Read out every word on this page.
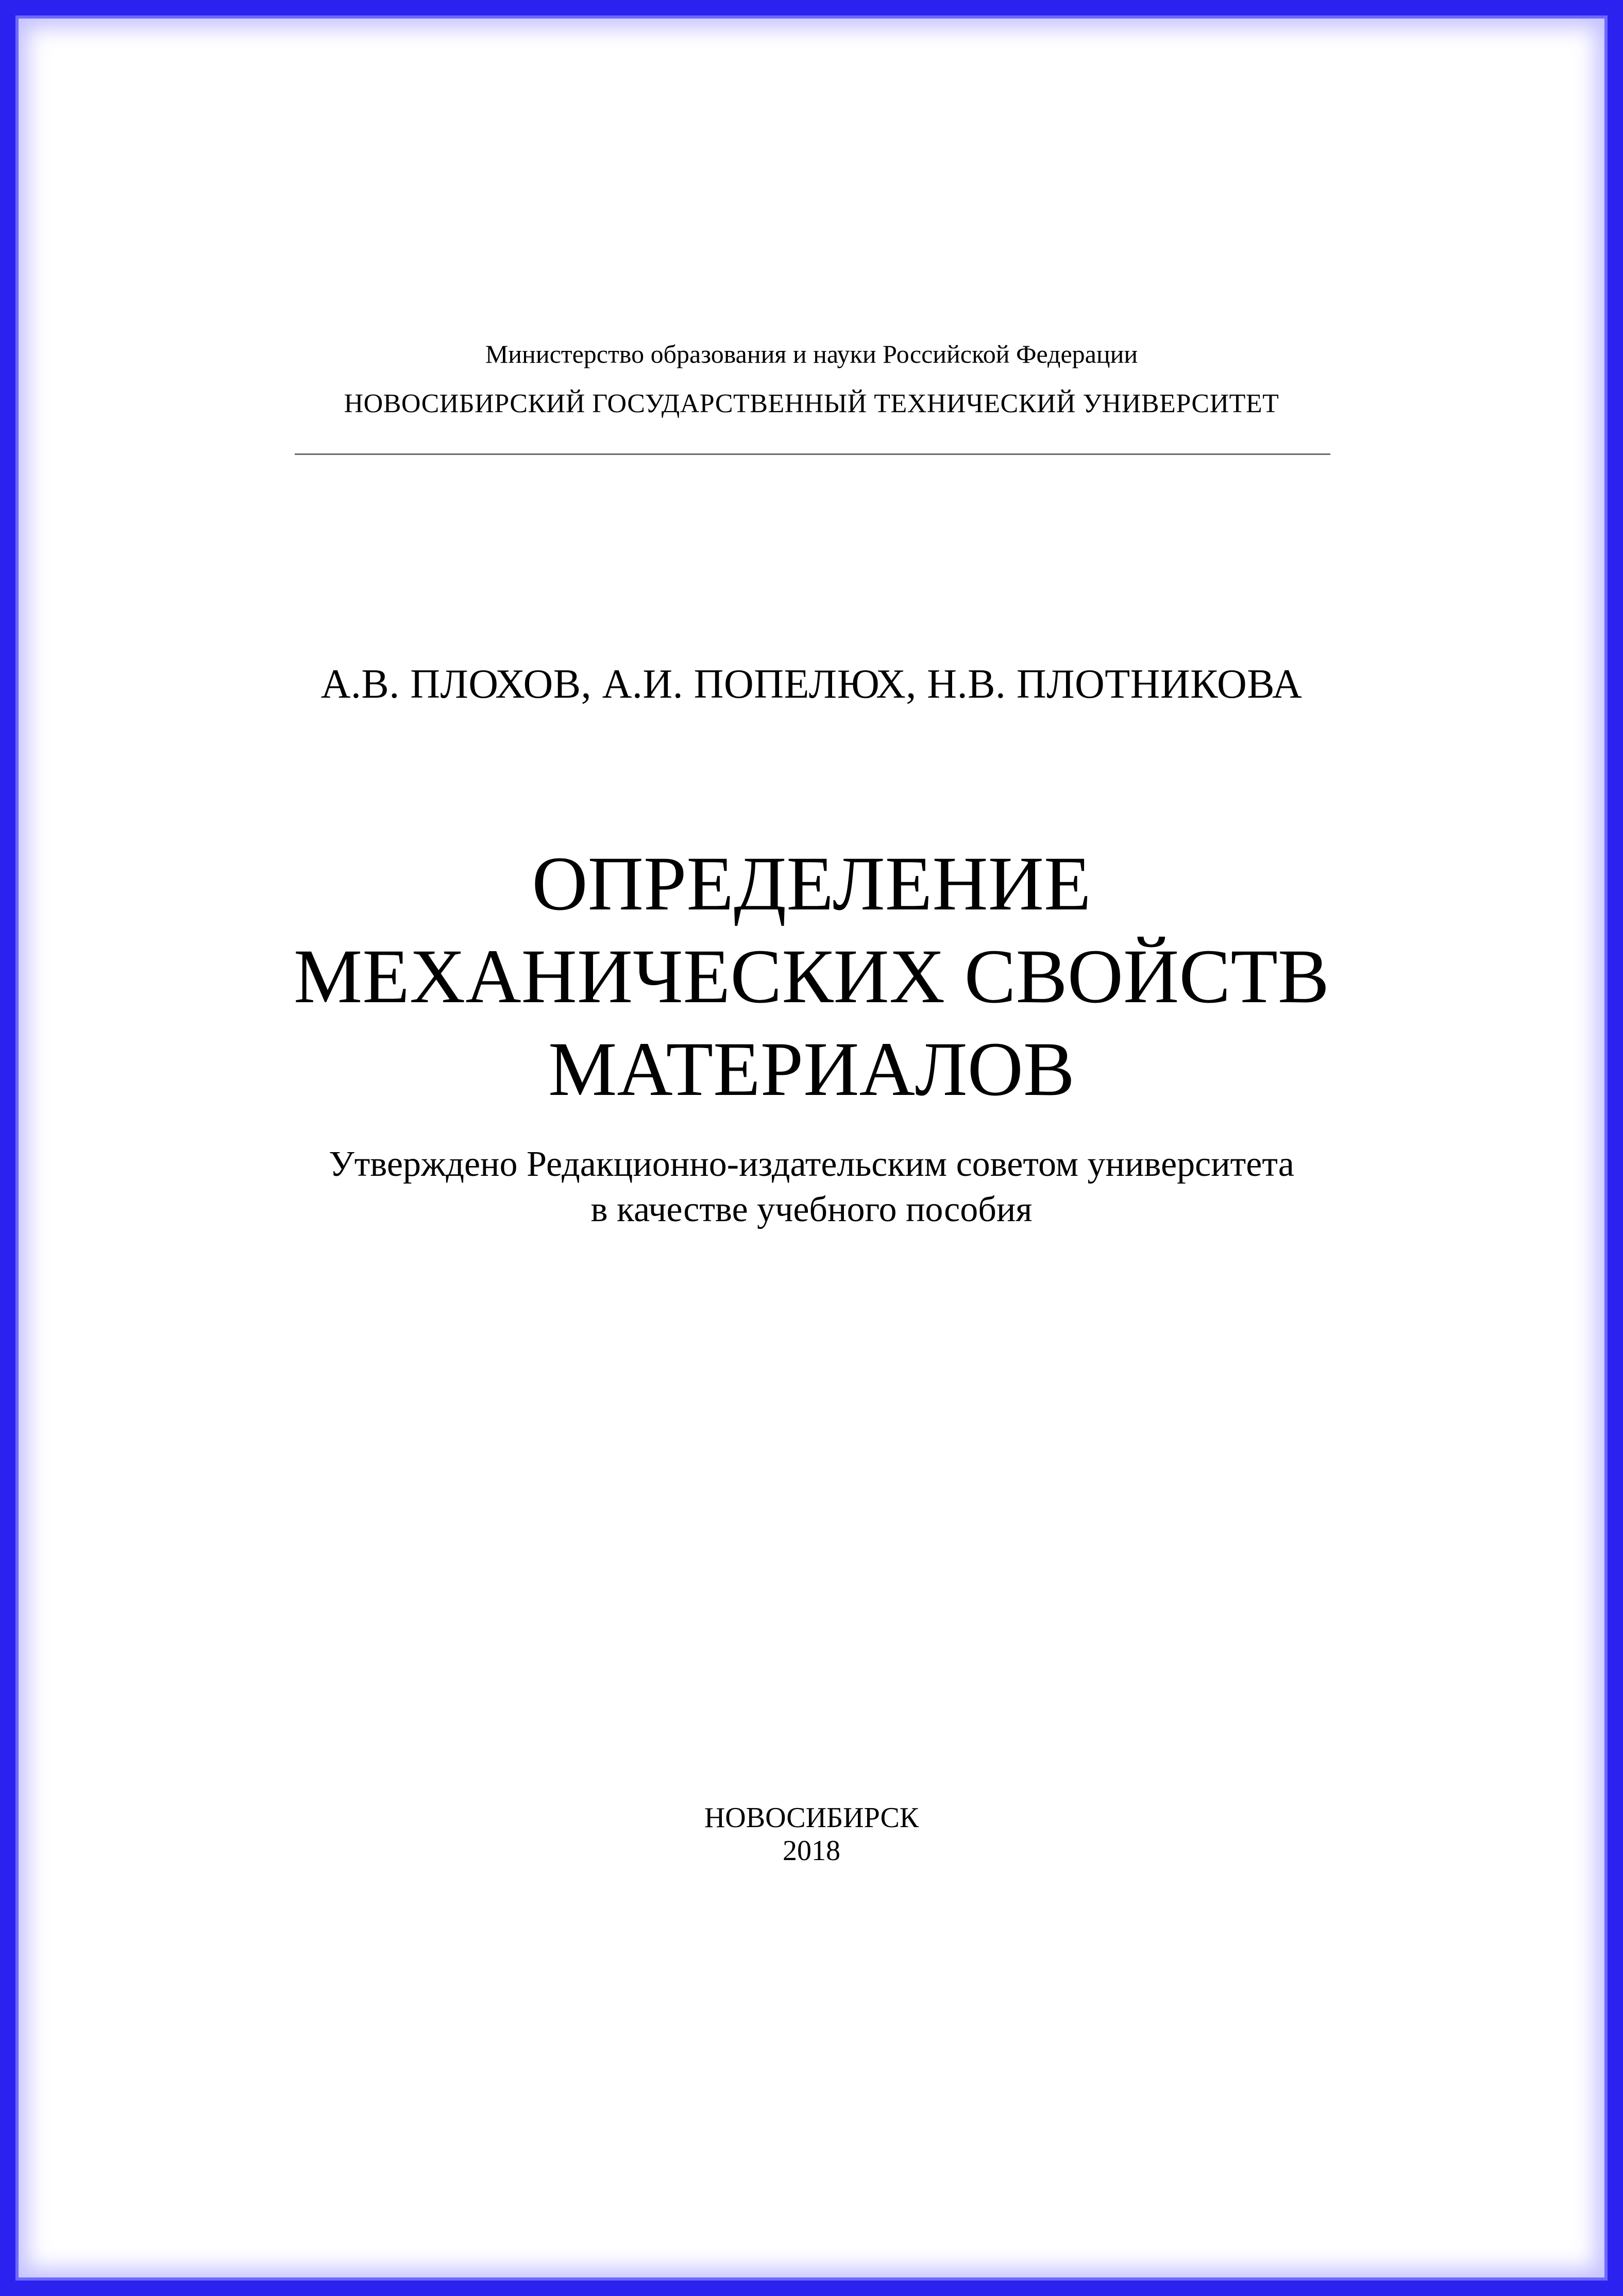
Министерство образования и науки Российской Федерации
НОВОСИБИРСКИЙ ГОСУДАРСТВЕННЫЙ ТЕХНИЧЕСКИЙ УНИВЕРСИТЕТ
А.В. ПЛОХОВ, А.И. ПОПЕЛЮХ, Н.В. ПЛОТНИКОВА
ОПРЕДЕЛЕНИЕ
МЕХАНИЧЕСКИХ СВОЙСТВ
МАТЕРИАЛОВ
Утверждено Редакционно-издательским советом университета
в качестве учебного пособия
НОВОСИБИРСК
2018
